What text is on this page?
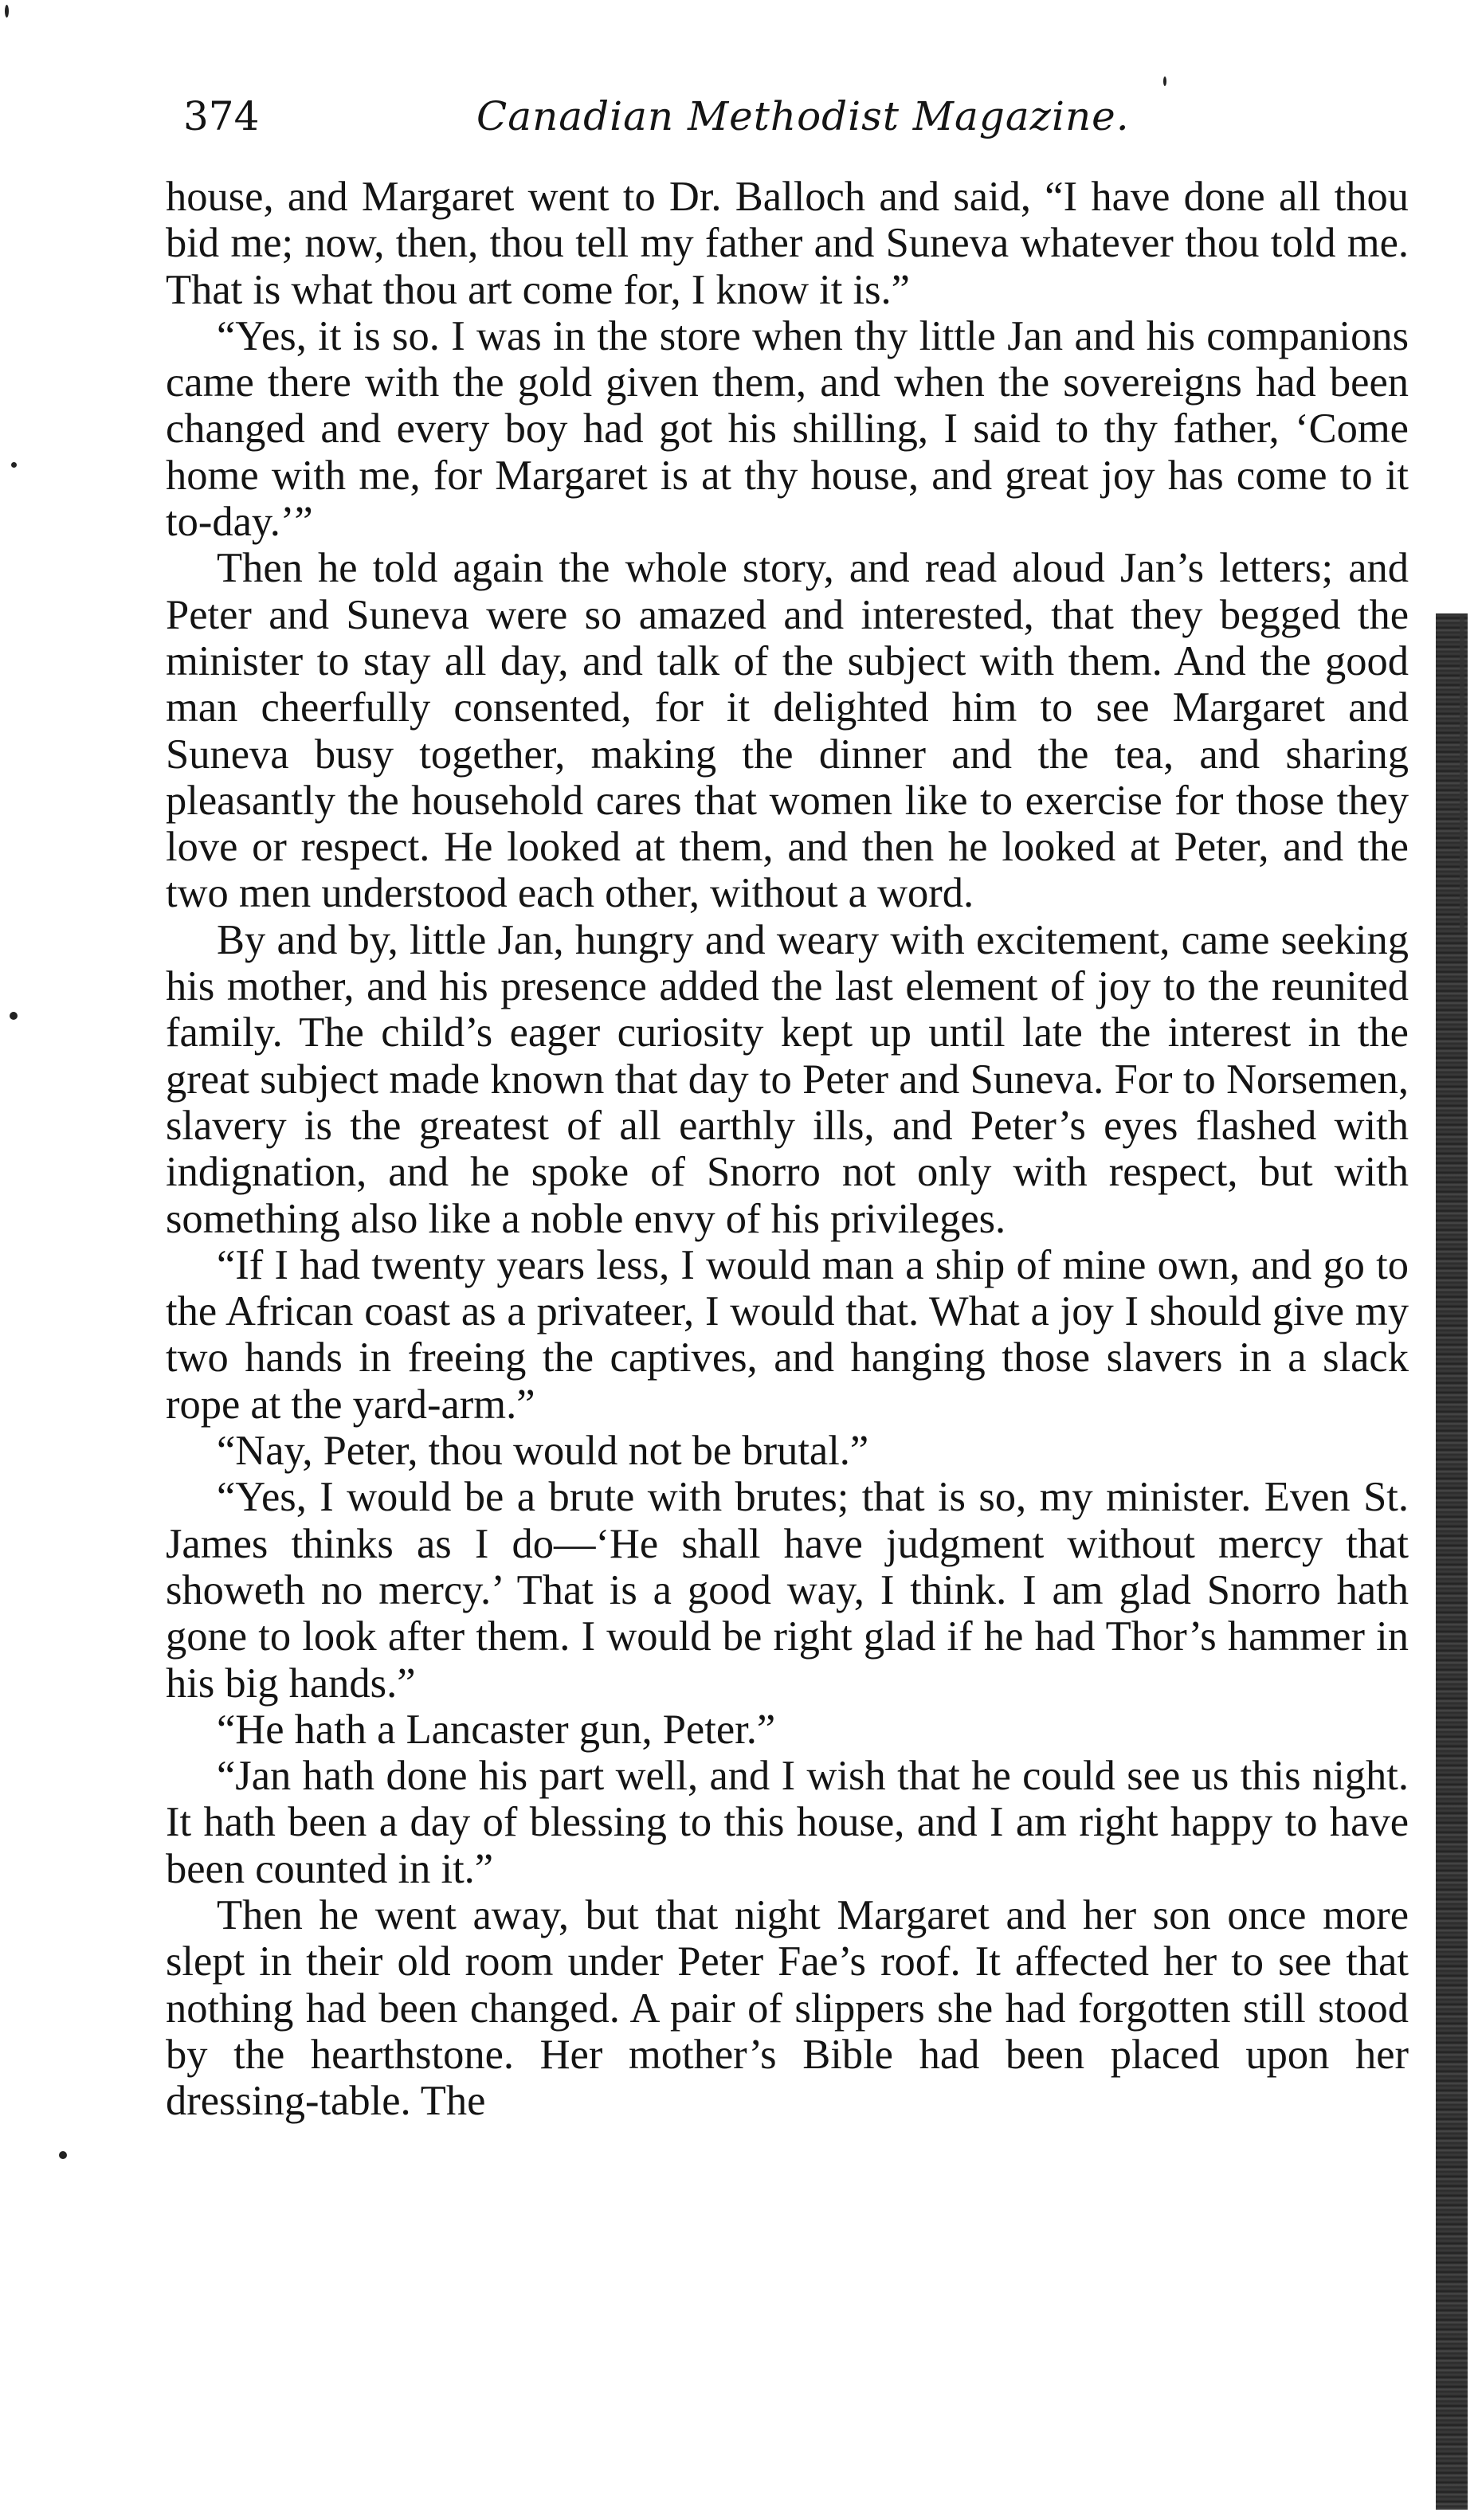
374	Canadian Methodist Magazine.

house, and Margaret went to Dr. Balloch and said, “I have done all thou bid me; now, then, thou tell my father and Suneva whatever thou told me. That is what thou art come for, I know it is.”

“Yes, it is so. I was in the store when thy little Jan and his companions came there with the gold given them, and when the sovereigns had been changed and every boy had got his shilling, I said to thy father, ‘Come home with me, for Margaret is at thy house, and great joy has come to it to-day.’”

Then he told again the whole story, and read aloud Jan’s letters; and Peter and Suneva were so amazed and interested, that they begged the minister to stay all day, and talk of the subject with them. And the good man cheerfully consented, for it delighted him to see Margaret and Suneva busy together, making the dinner and the tea, and sharing pleasantly the household cares that women like to exercise for those they love or respect. He looked at them, and then he looked at Peter, and the two men understood each other, without a word.

By and by, little Jan, hungry and weary with excitement, came seeking his mother, and his presence added the last element of joy to the reunited family. The child’s eager curiosity kept up until late the interest in the great subject made known that day to Peter and Suneva. For to Norsemen, slavery is the greatest of all earthly ills, and Peter’s eyes flashed with indignation, and he spoke of Snorro not only with respect, but with something also like a noble envy of his privileges.

“If I had twenty years less, I would man a ship of mine own, and go to the African coast as a privateer, I would that. What a joy I should give my two hands in freeing the captives, and hanging those slavers in a slack rope at the yard-arm.”

“Nay, Peter, thou would not be brutal.”

“Yes, I would be a brute with brutes; that is so, my minister. Even St. James thinks as I do—‘He shall have judgment without mercy that showeth no mercy.’ That is a good way, I think. I am glad Snorro hath gone to look after them. I would be right glad if he had Thor’s hammer in his big hands.”

“He hath a Lancaster gun, Peter.”

“Jan hath done his part well, and I wish that he could see us this night. It hath been a day of blessing to this house, and I am right happy to have been counted in it.”

Then he went away, but that night Margaret and her son once more slept in their old room under Peter Fae’s roof. It affected her to see that nothing had been changed. A pair of slippers she had forgotten still stood by the hearthstone. Her mother’s Bible had been placed upon her dressing-table. The
